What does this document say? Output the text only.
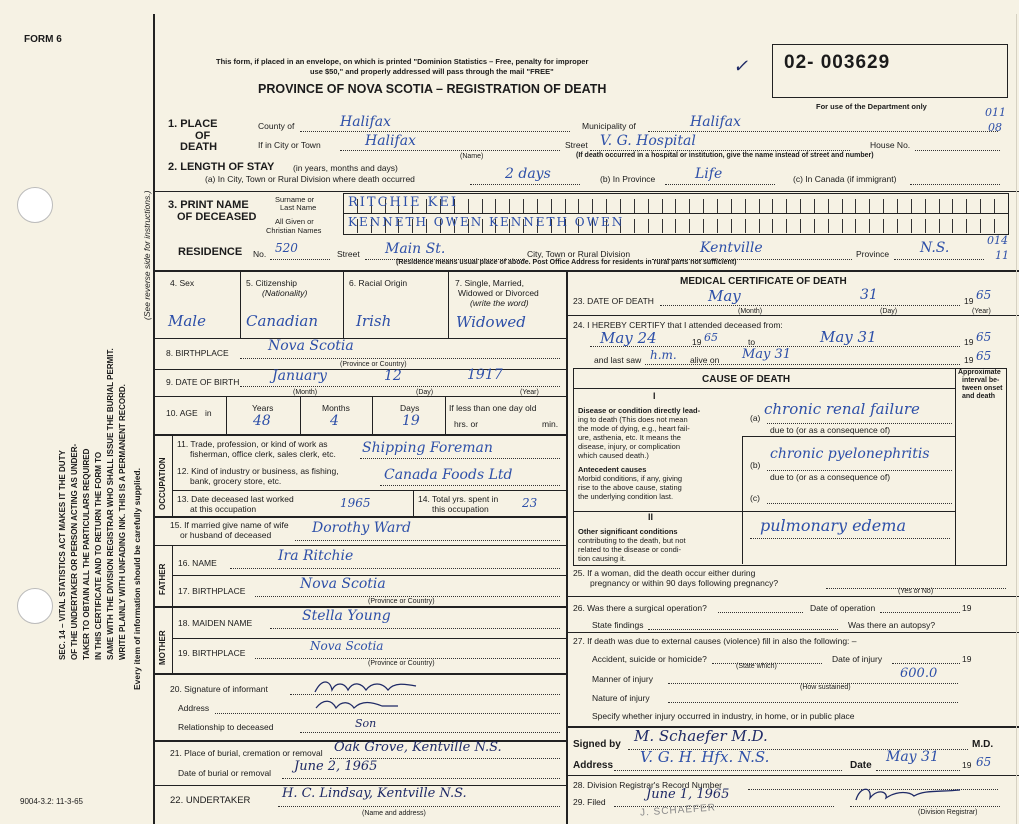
FORM 6
9004-3.2: 11-3-65
SEC. 14 – VITAL STATISTICS ACT MAKES IT THE DUTY OF THE UNDERTAKER OR PERSON ACTING AS UNDER- TAKER TO OBTAIN ALL THE PARTICULARS REQUIRED IN THIS CERTIFICATE AND TO RETURN THE FORM TO SAME WITH THE DIVISION REGISTRAR WHO SHALL ISSUE THE BURIAL PERMIT. WRITE PLAINLY WITH UNFADING INK. THIS IS A PERMANENT RECORD. Every item of information should be carefully supplied.
(See reverse side for instructions.)
This form, if placed in an envelope, on which is printed "Dominion Statistics – Free, penalty for improper
use $50," and properly addressed will pass through the mail "FREE"
PROVINCE OF NOVA SCOTIA – REGISTRATION OF DEATH
✓ 02- 003629
For use of the Department only	011
08
1. PLACE
OF
DEATH
County of	Halifax	Municipality of	Halifax
If in City or Town	Halifax
(Name)
Street V. G. Hospital	House No.
(If death occurred in a hospital or institution, give the name instead of street and number)
2. LENGTH OF STAY (in years, months and days)
(a) In City, Town or Rural Division where death occurred	2 days	(b) In Province	Life	(c) In Canada (if immigrant)
3. PRINT NAME
OF DECEASED
Surname or
Last Name
All Given or
Christian Names
RITCHIE KEI
KENNETH OWEN KENNETH OWEN
RESIDENCE No. 520	Street Main St.	City, Town or Rural Division	Kentville	Province N.S.	014
11
(Residence means usual place of abode. Post Office Address for residents in rural parts not sufficient)
4. Sex	5. Citizenship
(Nationality)
6. Racial Origin	7. Single, Married,
Widowed or Divorced
(write the word)
Male	Canadian	Irish	Widowed
8. BIRTHPLACE	Nova Scotia
(Province or Country)
9. DATE OF BIRTH January	12	1917
(Month)	(Day)	(Year)
10. AGE in	Years	Months	Days	If less than one day old
hrs. or	min.
48	4	19
OCCUPATION
11. Trade, profession, or kind of work as
fisherman, office clerk, sales clerk, etc. Shipping Foreman
12. Kind of industry or business, as fishing,
bank, grocery store, etc.	Canada Foods Ltd
13. Date deceased last worked
at this occupation	1965	14. Total yrs. spent in
this occupation	23
15. If married give name of wife
or husband of deceased	Dorothy Ward
FATHER
MOTHER
16. NAME	Ira Ritchie
17. BIRTHPLACE	Nova Scotia
(Province or Country)
18. MAIDEN NAME	Stella Young
19. BIRTHPLACE	Nova Scotia
(Province or Country)
20. Signature of informant
Address
Relationship to deceased	Son
21. Place of burial, cremation or removal Oak Grove, Kentville N.S.
Date of burial or removal June 2, 1965
22. UNDERTAKER H. C. Lindsay, Kentville N.S.
(Name and address)
MEDICAL CERTIFICATE OF DEATH
23. DATE OF DEATH	May	31	19 65
(Month)	(Day)	(Year)
24. I HEREBY CERTIFY that I attended deceased from:
May 24	19 65	to	May 31	19 65
and last saw h.m. alive on May 31	19 65
CAUSE OF DEATH
Approximate
interval be-
tween onset
and death
I
Disease or condition directly lead-
ing to death (This does not mean
the mode of dying, e.g., heart fail-
ure, asthenia, etc. It means the
disease, injury, or complication
which caused death.)
(a) chronic renal failure
due to (or as a consequence of)
Antecedent causes
Morbid conditions, if any, giving
rise to the above cause, stating
the underlying condition last.
(b)
chronic pyelonephritis
due to (or as a consequence of)
(c)
II
Other significant conditions
contributing to the death, but not
related to the disease or condi-
tion causing it.
pulmonary edema
25. If a woman, did the death occur either during
pregnancy or within 90 days following pregnancy?
(Yes or No)
26. Was there a surgical operation?	Date of operation	19
State findings	Was there an autopsy?
27. If death was due to external causes (violence) fill in also the following: –
Accident, suicide or homicide?
(State which)
Date of injury	19
Manner of injury	600.0
(How sustained)
Nature of injury
Specify whether injury occurred in industry, in home, or in public place
Signed by M. Schaefer M.D.	M.D.
Address V. G. H. Hfx. N.S.	Date
May 31	19 65
28. Division Registrar's Record Number
29. Filed	June 1, 1965
(Division Registrar)
J. SCHAEFER
